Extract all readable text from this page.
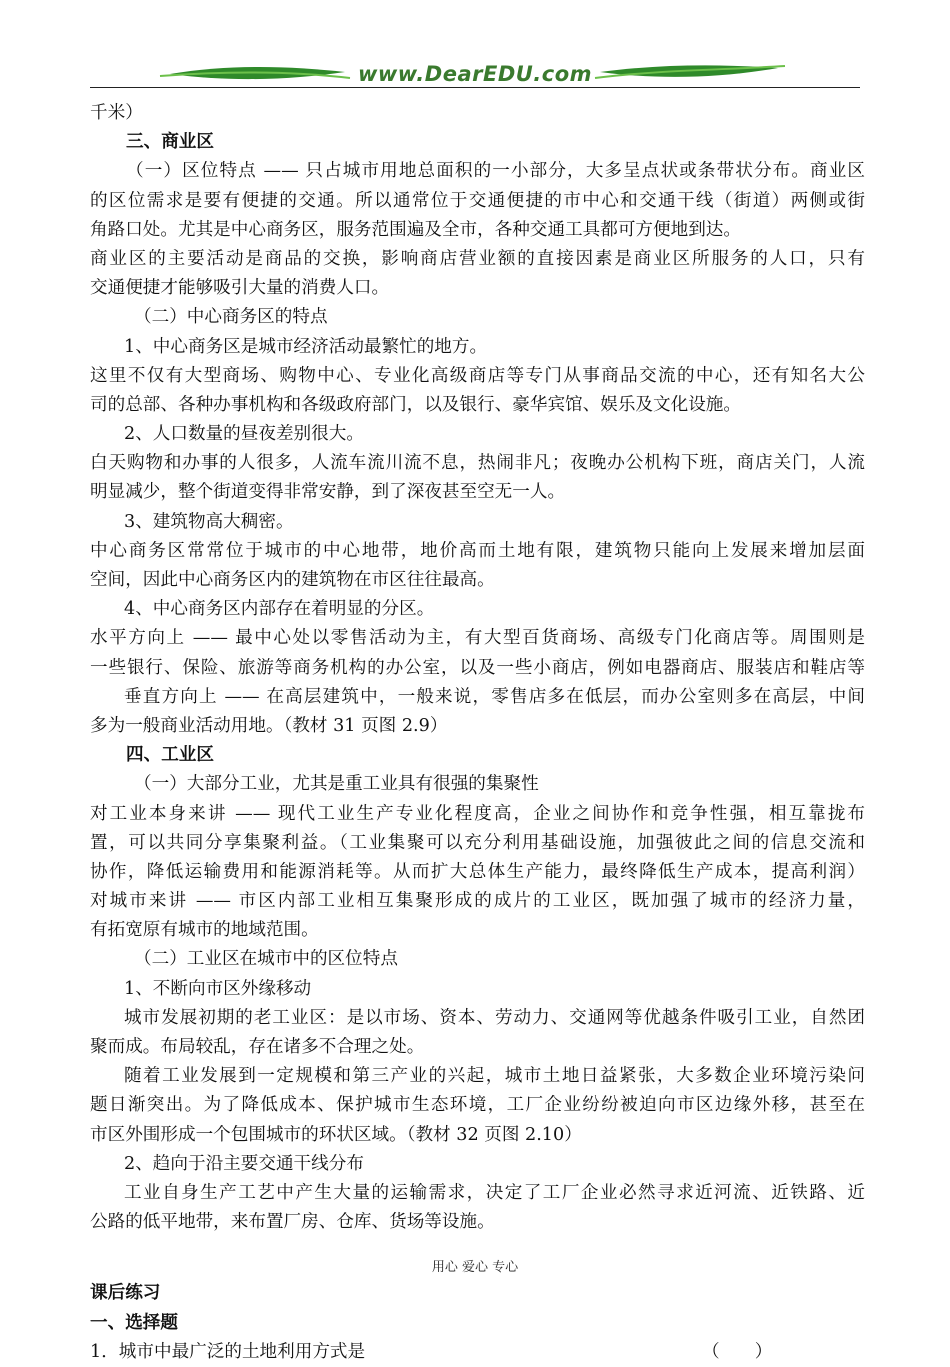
www.DearEDU.com
千米）
三、商业区
（一）区位特点 —— 只占城市用地总面积的一小部分，大多呈点状或条带状分布。商业区
的区位需求是要有便捷的交通。所以通常位于交通便捷的市中心和交通干线（街道）两侧或街
角路口处。尤其是中心商务区，服务范围遍及全市，各种交通工具都可方便地到达。
商业区的主要活动是商品的交换，影响商店营业额的直接因素是商业区所服务的人口，只有
交通便捷才能够吸引大量的消费人口。
（二）中心商务区的特点
1、中心商务区是城市经济活动最繁忙的地方。
这里不仅有大型商场、购物中心、专业化高级商店等专门从事商品交流的中心，还有知名大公
司的总部、各种办事机构和各级政府部门，以及银行、豪华宾馆、娱乐及文化设施。
2、人口数量的昼夜差别很大。
白天购物和办事的人很多，人流车流川流不息，热闹非凡；夜晚办公机构下班，商店关门，人流
明显减少，整个街道变得非常安静，到了深夜甚至空无一人。
3、建筑物高大稠密。
中心商务区常常位于城市的中心地带，地价高而土地有限，建筑物只能向上发展来增加层面
空间，因此中心商务区内的建筑物在市区往往最高。
4、中心商务区内部存在着明显的分区。
水平方向上 —— 最中心处以零售活动为主，有大型百货商场、高级专门化商店等。周围则是
一些银行、保险、旅游等商务机构的办公室，以及一些小商店，例如电器商店、服装店和鞋店等
垂直方向上 —— 在高层建筑中，一般来说，零售店多在低层，而办公室则多在高层，中间
多为一般商业活动用地。（教材 31 页图 2.9）
四、工业区
（一）大部分工业，尤其是重工业具有很强的集聚性
对工业本身来讲 —— 现代工业生产专业化程度高，企业之间协作和竞争性强，相互靠拢布
置，可以共同分享集聚利益。（工业集聚可以充分利用基础设施，加强彼此之间的信息交流和
协作，降低运输费用和能源消耗等。从而扩大总体生产能力，最终降低生产成本，提高利润）
对城市来讲 —— 市区内部工业相互集聚形成的成片的工业区，既加强了城市的经济力量，
有拓宽原有城市的地域范围。
（二）工业区在城市中的区位特点
1、不断向市区外缘移动
城市发展初期的老工业区：是以市场、资本、劳动力、交通网等优越条件吸引工业，自然团
聚而成。布局较乱，存在诸多不合理之处。
随着工业发展到一定规模和第三产业的兴起，城市土地日益紧张，大多数企业环境污染问
题日渐突出。为了降低成本、保护城市生态环境，工厂企业纷纷被迫向市区边缘外移，甚至在
市区外围形成一个包围城市的环状区域。（教材 32 页图 2.10）
2、趋向于沿主要交通干线分布
工业自身生产工艺中产生大量的运输需求，决定了工厂企业必然寻求近河流、近铁路、近
公路的低平地带，来布置厂房、仓库、货场等设施。
课后练习
一、选择题
1．城市中最广泛的土地利用方式是	（　　）
用心 爱心 专心
